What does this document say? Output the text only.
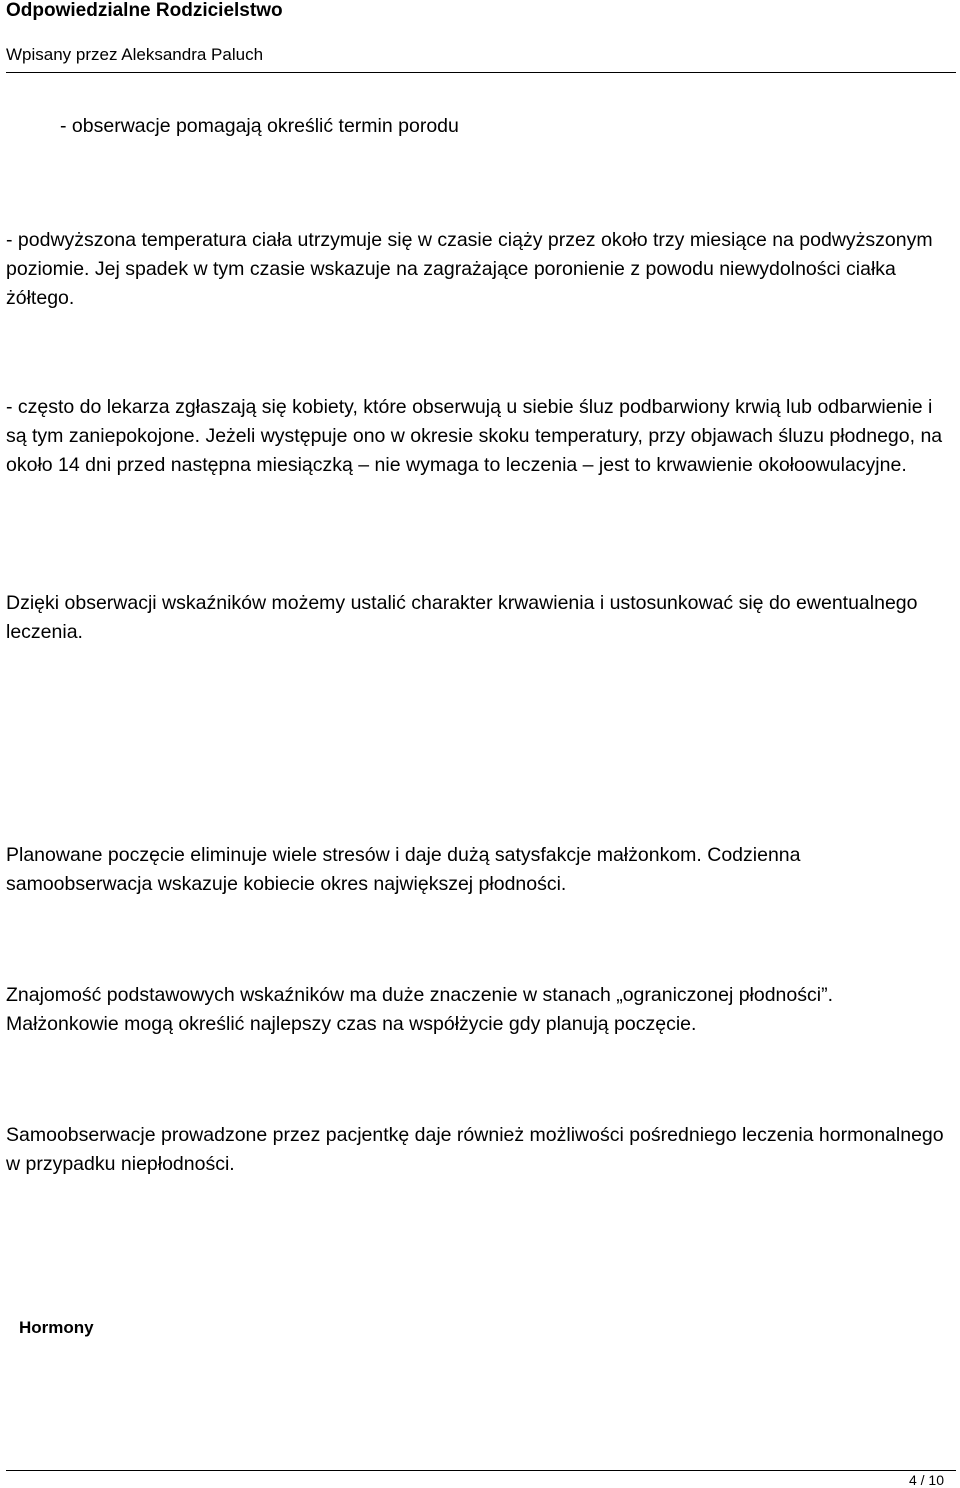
Odpowiedzialne Rodzicielstwo
Wpisany przez Aleksandra Paluch

- obserwacje pomagają określić termin porodu

- podwyższona temperatura ciała utrzymuje się w czasie ciąży przez około trzy miesiące na podwyższonym poziomie. Jej spadek w tym czasie wskazuje na zagrażające poronienie z powodu niewydolności ciałka żółtego.

- często do lekarza zgłaszają się kobiety, które obserwują u siebie śluz podbarwiony krwią lub odbarwienie i są tym zaniepokojone. Jeżeli występuje ono w okresie skoku temperatury, przy objawach śluzu płodnego, na około 14 dni przed następna miesiączką – nie wymaga to leczenia – jest to krwawienie okołoowulacyjne.

Dzięki obserwacji wskaźników możemy ustalić charakter krwawienia i ustosunkować się do ewentualnego leczenia.

Planowane poczęcie eliminuje wiele stresów i daje dużą satysfakcje małżonkom. Codzienna samoobserwacja wskazuje kobiecie okres największej płodności.

Znajomość podstawowych wskaźników ma duże znaczenie w stanach „ograniczonej płodności”. Małżonkowie mogą określić najlepszy czas na współżycie gdy planują poczęcie.

Samoobserwacje prowadzone przez pacjentkę daje również możliwości pośredniego leczenia hormonalnego w przypadku niepłodności.

Hormony
4 / 10
